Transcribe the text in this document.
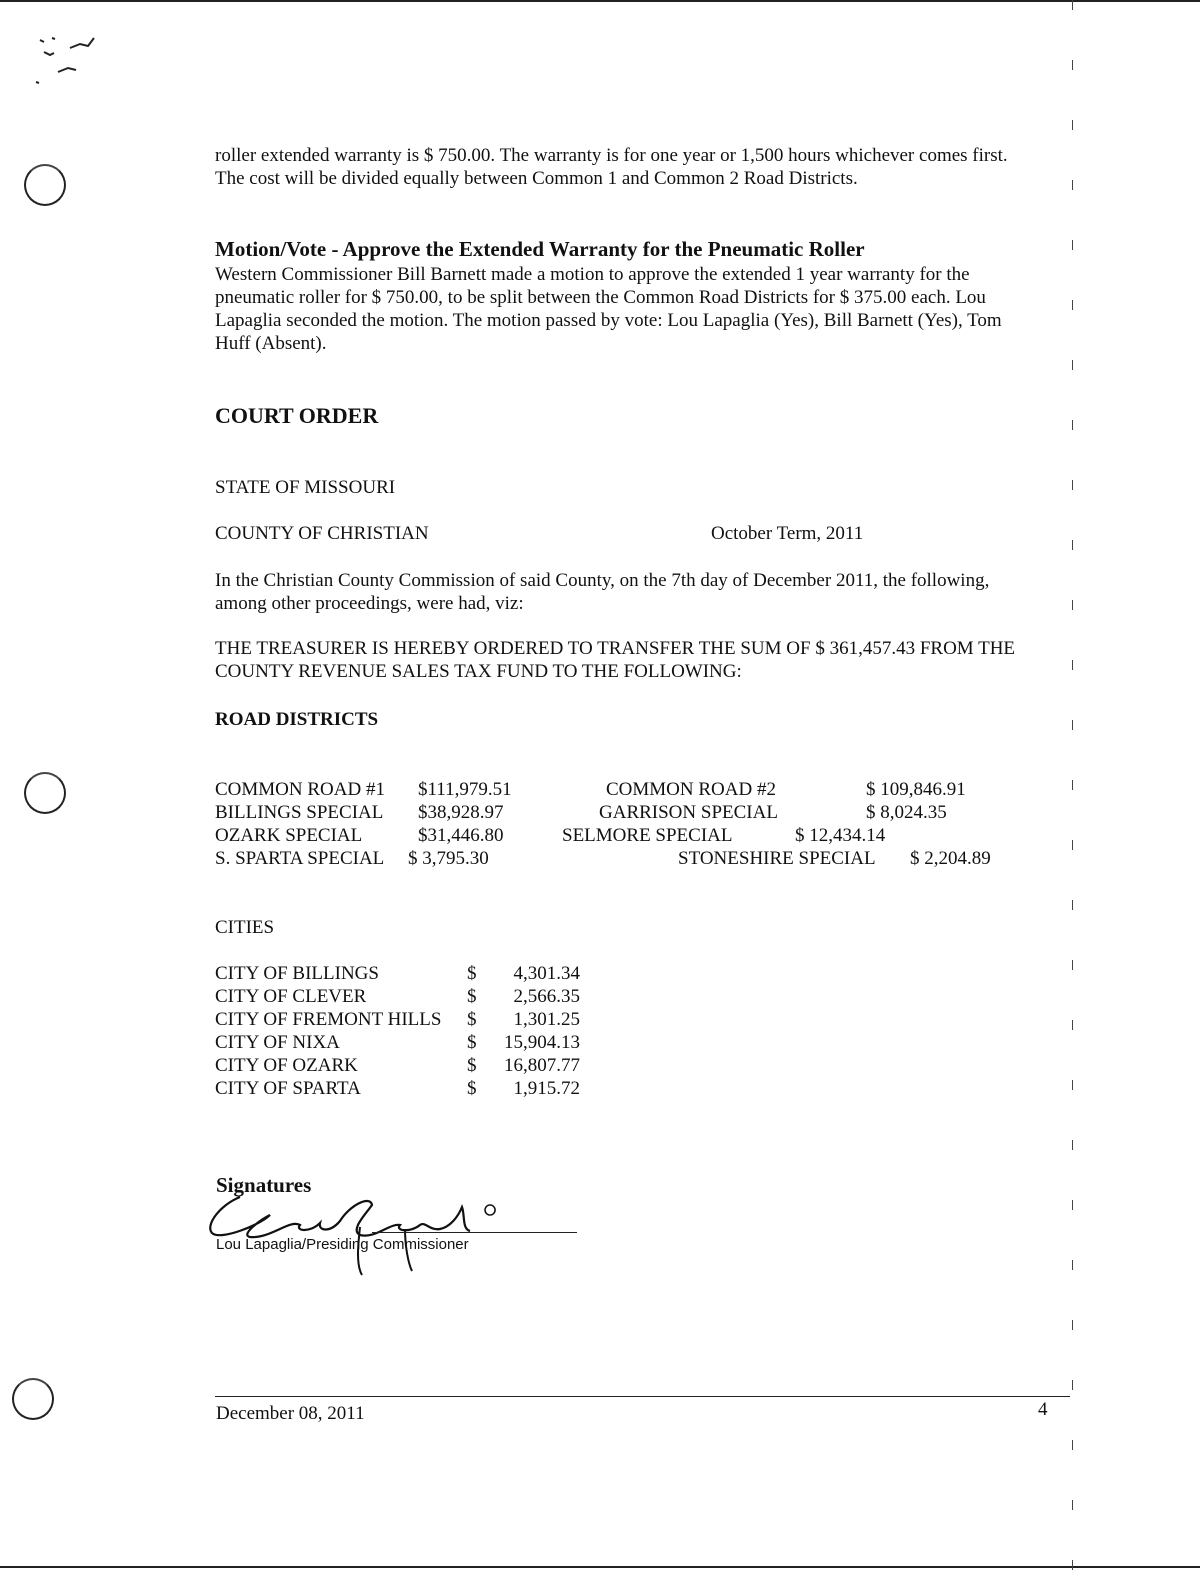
roller extended warranty is $ 750.00. The warranty is for one year or 1,500 hours whichever comes first.
The cost will be divided equally between Common 1 and Common 2 Road Districts.
Motion/Vote - Approve the Extended Warranty for the Pneumatic Roller
Western Commissioner Bill Barnett made a motion to approve the extended 1 year warranty for the
pneumatic roller for $ 750.00, to be split between the Common Road Districts for $ 375.00 each. Lou
Lapaglia seconded the motion. The motion passed by vote: Lou Lapaglia (Yes), Bill Barnett (Yes), Tom
Huff (Absent).
COURT ORDER
STATE OF MISSOURI
COUNTY OF CHRISTIAN	October Term, 2011
In the Christian County Commission of said County, on the 7th day of December 2011, the following,
among other proceedings, were had, viz:
THE TREASURER IS HEREBY ORDERED TO TRANSFER THE SUM OF $ 361,457.43 FROM THE
COUNTY REVENUE SALES TAX FUND TO THE FOLLOWING:
ROAD DISTRICTS
COMMON ROAD #1 $111,979.51	COMMON ROAD #2	$ 109,846.91
BILLINGS SPECIAL $38,928.97	GARRISON SPECIAL	$ 8,024.35
OZARK SPECIAL	$31,446.80	SELMORE SPECIAL	$ 12,434.14
S. SPARTA SPECIAL $ 3,795.30	STONESHIRE SPECIAL $ 2,204.89
CITIES
CITY OF BILLINGS	$	4,301.34
CITY OF CLEVER	$	2,566.35
CITY OF FREMONT HILLS $	1,301.25
CITY OF NIXA	$	15,904.13
CITY OF OZARK	$	16,807.77
CITY OF SPARTA	$	1,915.72
Signatures
Lou Lapaglia/Presiding Commissioner
December 08, 2011	4
